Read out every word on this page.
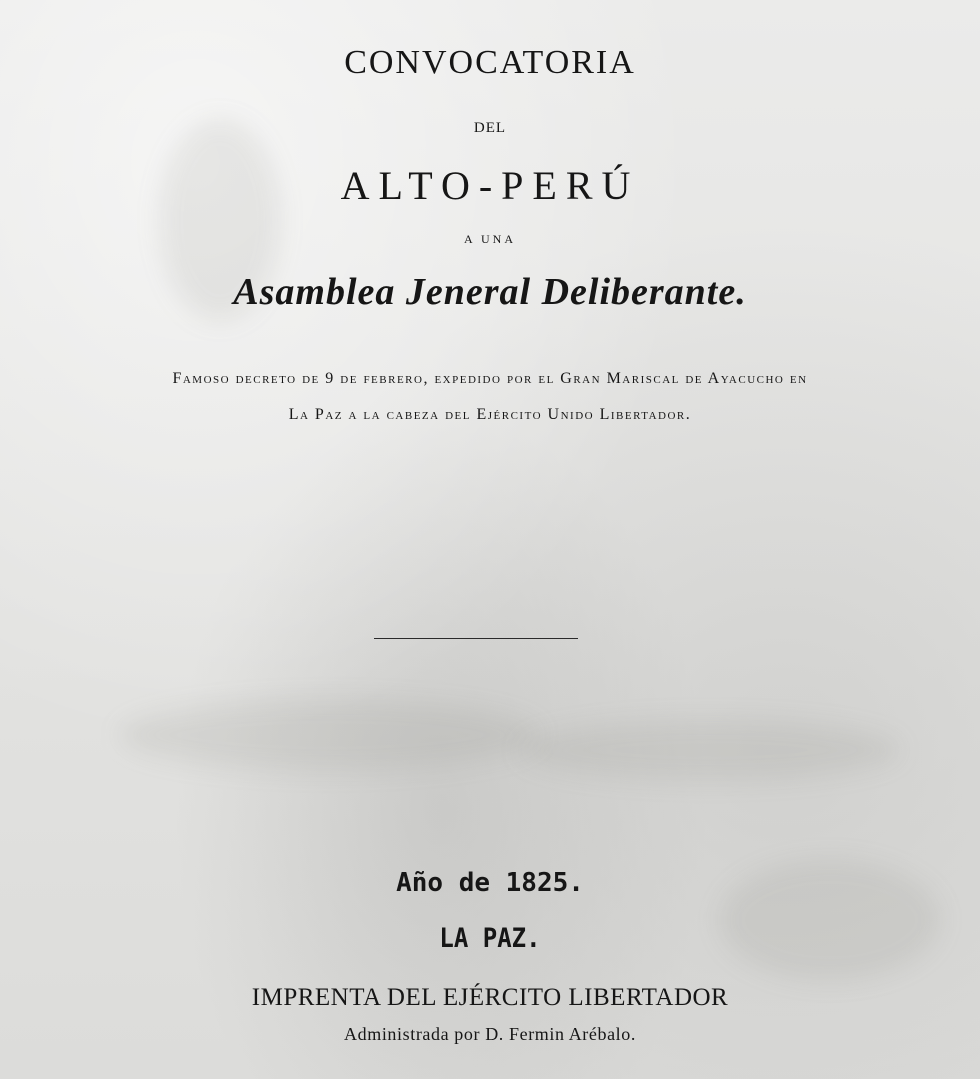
CONVOCATORIA
DEL
ALTO-PERÚ
A UNA
Asamblea Jeneral Deliberante.
Famoso decreto de 9 de febrero, expedido por el Gran Mariscal de Ayacucho en
La Paz a la cabeza del Ejército Unido Libertador.
Año de 1825.
LA PAZ.
IMPRENTA DEL EJÉRCITO LIBERTADOR
Administrada por D. Fermin Arébalo.
